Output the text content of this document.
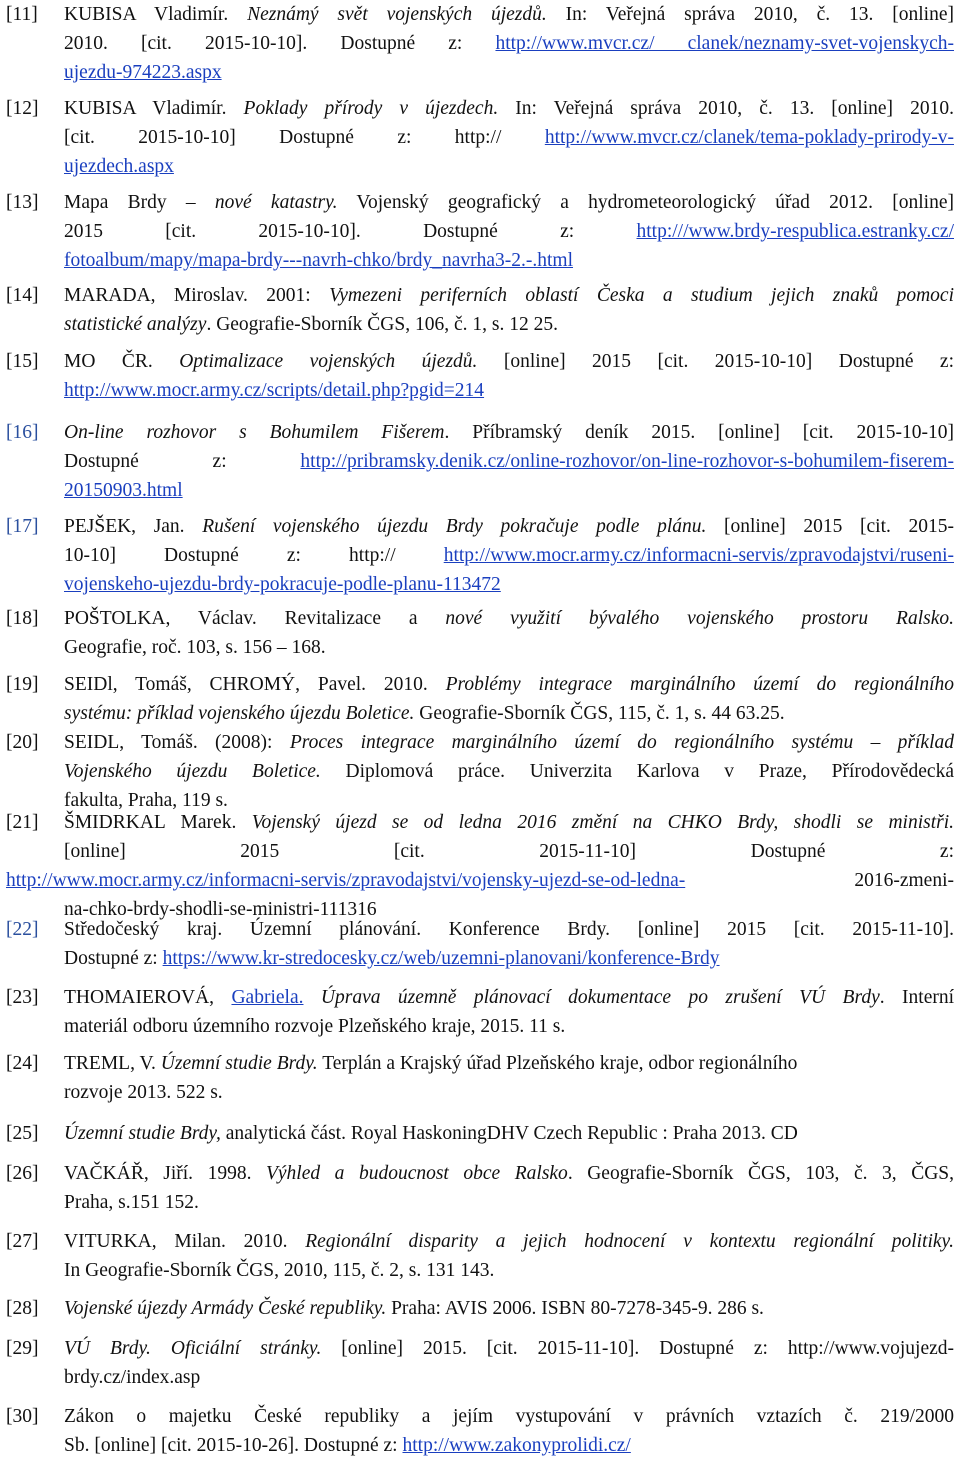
[11] KUBISA Vladimír. Neznámý svět vojenských újezdů. In: Veřejná správa 2010, č. 13. [online]
2010. [cit. 2015-10-10]. Dostupné z: http://www.mvcr.cz/ clanek/neznamy-svet-vojenskych-
ujezdu-974223.aspx
[12] KUBISA Vladimír. Poklady přírody v újezdech. In: Veřejná správa 2010, č. 13. [online] 2010.
[cit. 2015-10-10] Dostupné z: http:// http://www.mvcr.cz/clanek/tema-poklady-prirody-v-
ujezdech.aspx
[13] Mapa Brdy – nové katastry. Vojenský geografický a hydrometeorologický úřad 2012. [online]
2015 [cit. 2015-10-10]. Dostupné z: http:///www.brdy-respublica.estranky.cz/
fotoalbum/mapy/mapa-brdy---navrh-chko/brdy_navrha3-2.-.html
[14] MARADA, Miroslav. 2001: Vymezeni periferních oblastí Česka a studium jejich znaků pomoci
statistické analýzy. Geografie-Sborník ČGS, 106, č. 1, s. 12 25.
[15] MO ČR. Optimalizace vojenských újezdů. [online] 2015 [cit. 2015-10-10] Dostupné z:
http://www.mocr.army.cz/scripts/detail.php?pgid=214
[16] On-line rozhovor s Bohumilem Fišerem. Příbramský deník 2015. [online] [cit. 2015-10-10]
Dostupné z: http://pribramsky.denik.cz/online-rozhovor/on-line-rozhovor-s-bohumilem-fiserem-
20150903.html
[17] PEJŠEK, Jan. Rušení vojenského újezdu Brdy pokračuje podle plánu. [online] 2015 [cit. 2015-
10-10] Dostupné z: http:// http://www.mocr.army.cz/informacni-servis/zpravodajstvi/ruseni-
vojenskeho-ujezdu-brdy-pokracuje-podle-planu-113472
[18] POŠTOLKA, Václav. Revitalizace a nové využití bývalého vojenského prostoru Ralsko.
Geografie, roč. 103, s. 156 – 168.
[19] SEIDl, Tomáš, CHROMÝ, Pavel. 2010. Problémy integrace marginálního území do regionálního
systému: příklad vojenského újezdu Boletice. Geografie-Sborník ČGS, 115, č. 1, s. 44 63.25.
[20] SEIDL, Tomáš. (2008): Proces integrace marginálního území do regionálního systému – příklad
Vojenského újezdu Boletice. Diplomová práce. Univerzita Karlova v Praze, Přírodovědecká
fakulta, Praha, 119 s.
[21] ŠMIDRKAL Marek. Vojenský újezd se od ledna 2016 změní na CHKO Brdy, shodli se ministři.
[online] 2015 [cit. 2015-11-10] Dostupné z:
http://www.mocr.army.cz/informacni-servis/zpravodajstvi/vojensky-ujezd-se-od-ledna- 2016-zmeni-
na-chko-brdy-shodli-se-ministri-111316
[22] Středočeský kraj. Územní plánování. Konference Brdy. [online] 2015 [cit. 2015-11-10].
Dostupné z: https://www.kr-stredocesky.cz/web/uzemni-planovani/konference-Brdy
[23] THOMAIEROVÁ, Gabriela. Úprava územně plánovací dokumentace po zrušení VÚ Brdy. Interní
materiál odboru územního rozvoje Plzeňského kraje, 2015. 11 s.
[24] TREML, V. Územní studie Brdy. Terplán a Krajský úřad Plzeňského kraje, odbor regionálního
rozvoje 2013. 522 s.
[25] Územní studie Brdy, analytická část. Royal HaskoningDHV Czech Republic : Praha 2013. CD
[26] VAČKÁŘ, Jiří. 1998. Výhled a budoucnost obce Ralsko. Geografie-Sborník ČGS, 103, č. 3, ČGS,
Praha, s.151 152.
[27] VITURKA, Milan. 2010. Regionální disparity a jejich hodnocení v kontextu regionální politiky.
In Geografie-Sborník ČGS, 2010, 115, č. 2, s. 131 143.
[28] Vojenské újezdy Armády České republiky. Praha: AVIS 2006. ISBN 80-7278-345-9. 286 s.
[29] VÚ Brdy. Oficiální stránky. [online] 2015. [cit. 2015-11-10]. Dostupné z: http://www.vojujezd-
brdy.cz/index.asp
[30] Zákon o majetku České republiky a jejím vystupování v právních vztazích č. 219/2000
Sb. [online] [cit. 2015-10-26]. Dostupné z: http://www.zakonyprolidi.cz/
